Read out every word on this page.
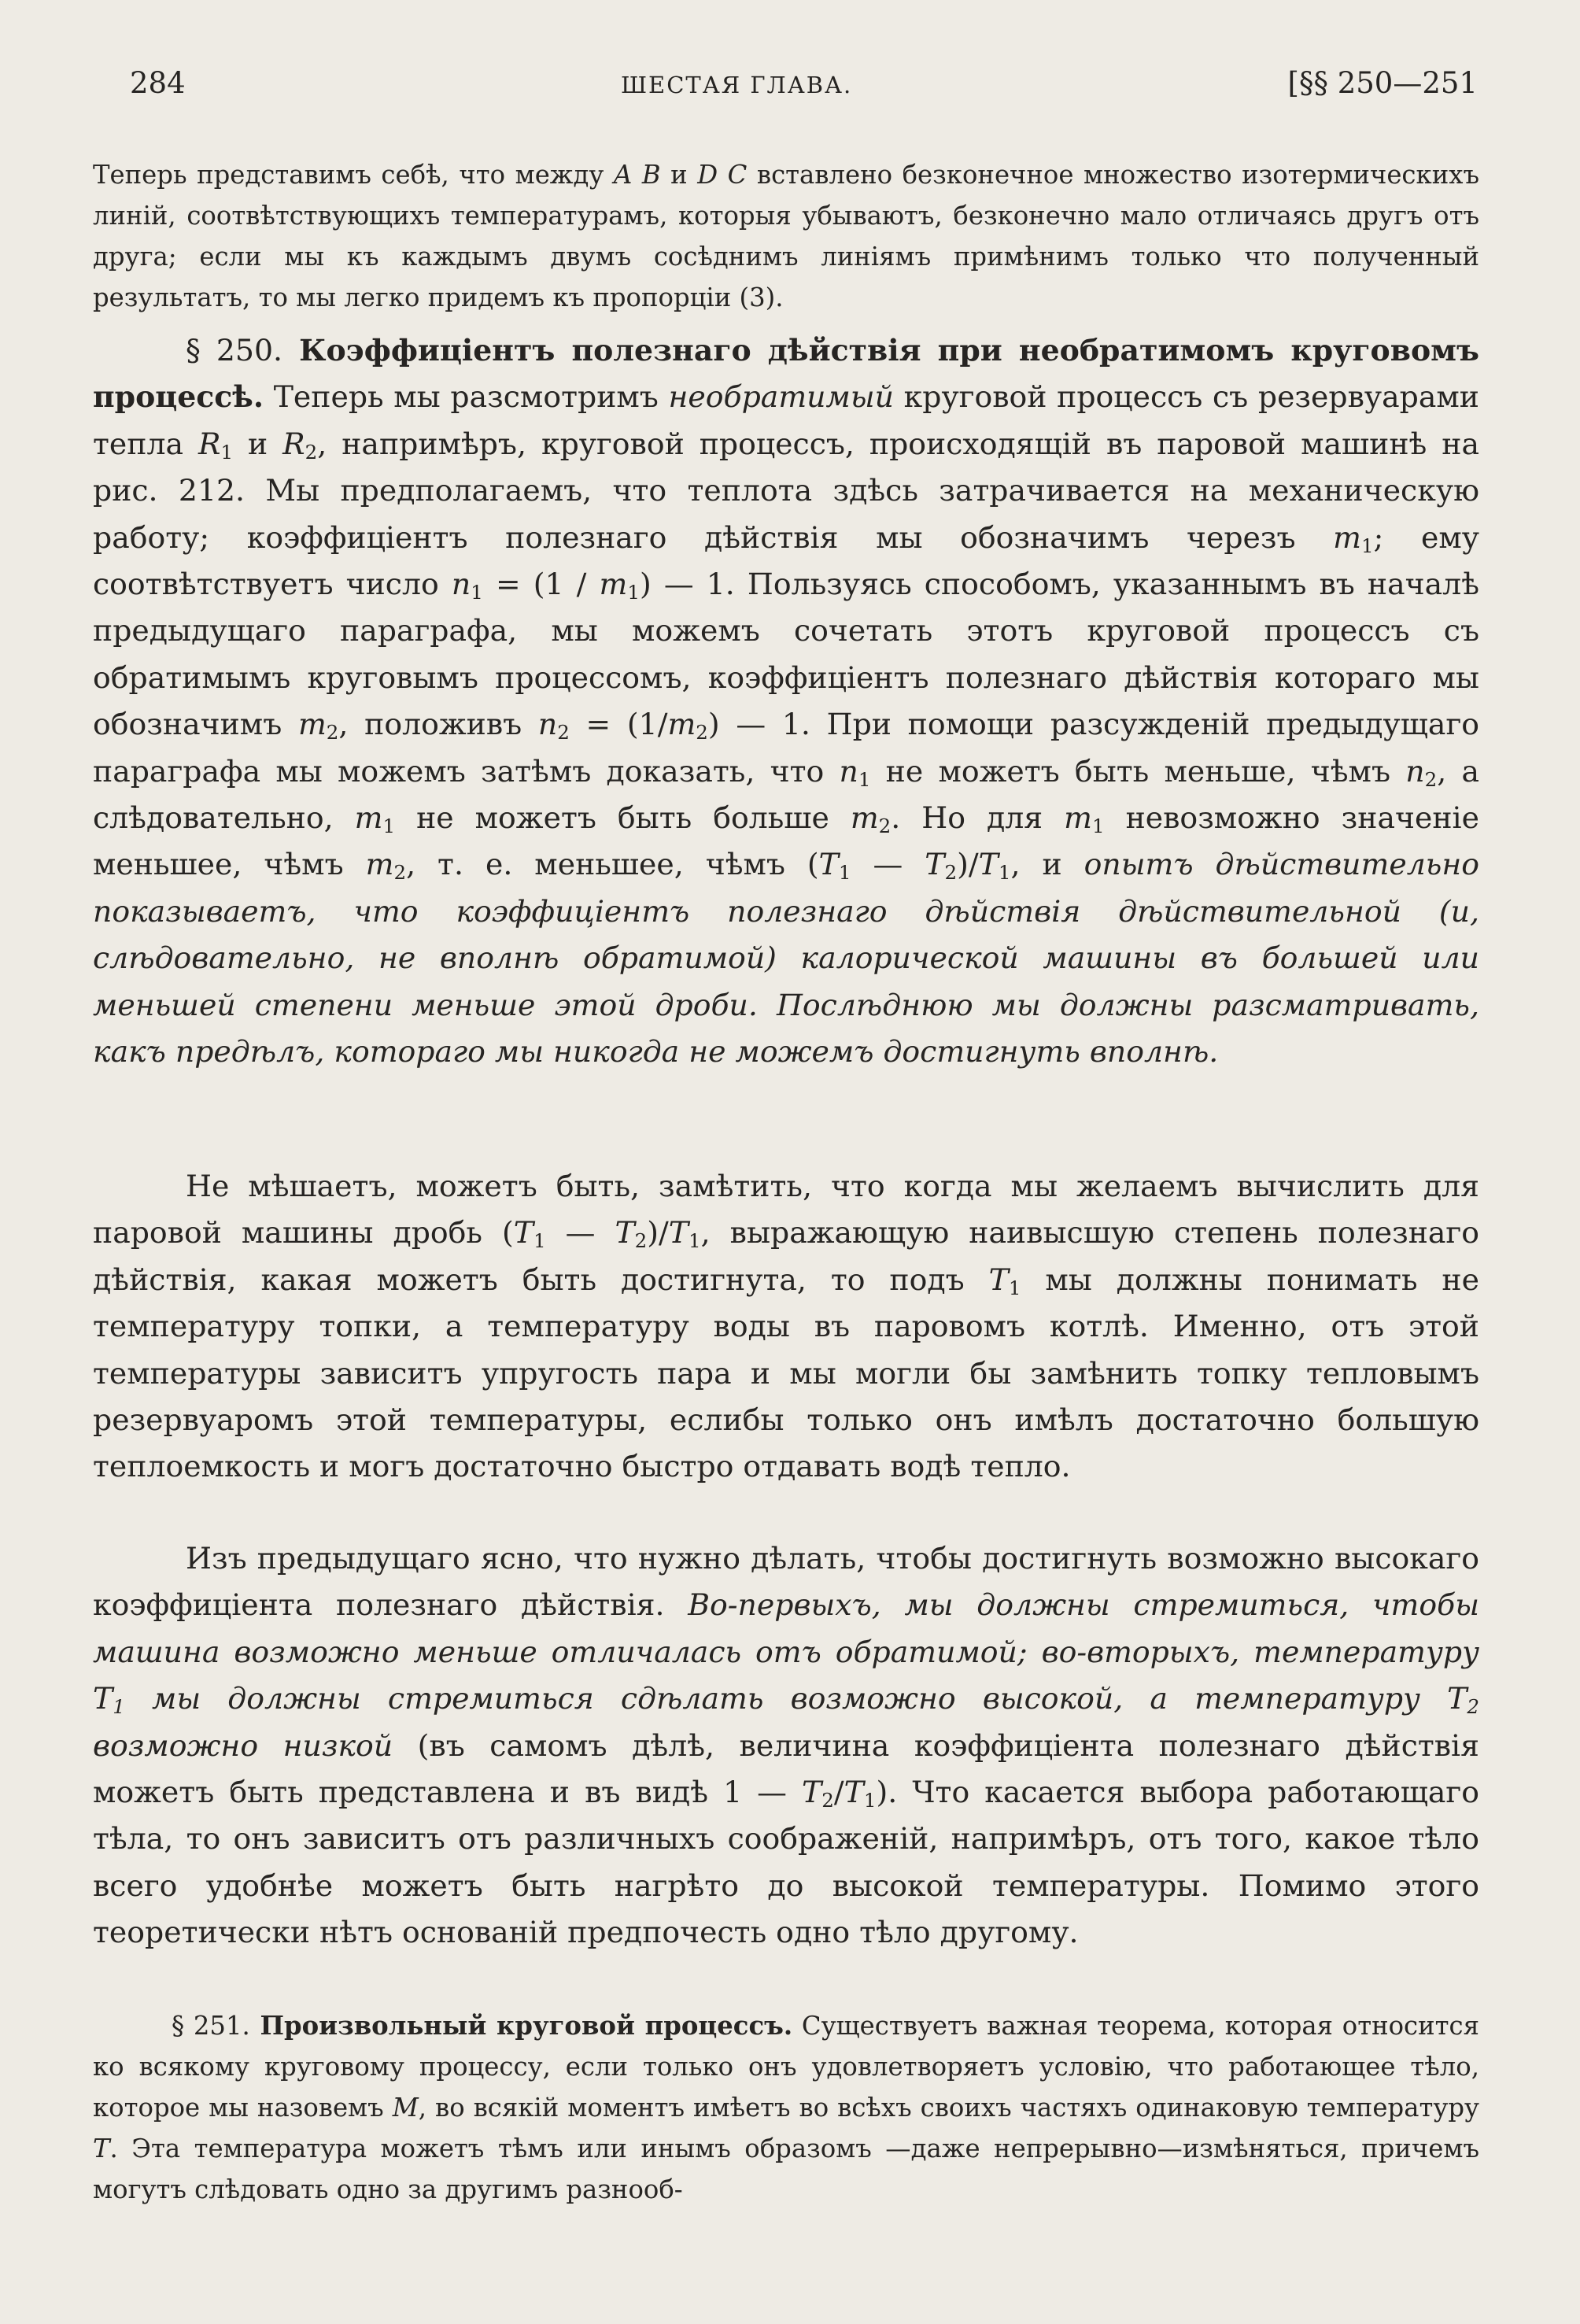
284	ШЕСТАЯ ГЛАВА.	[§§ 250—251

Теперь представимъ себѣ, что между A B и D C вставлено безконечное множество изотермическихъ линій, соотвѣтствующихъ температурамъ, которыя убываютъ, безконечно мало отличаясь другъ отъ друга; если мы къ каждымъ двумъ сосѣднимъ линіямъ примѣнимъ только что полученный результатъ, то мы легко придемъ къ пропорціи (3).

§ 250. Коэффиціентъ полезнаго дѣйствія при необратимомъ круговомъ процессѣ. Теперь мы разсмотримъ необратимый круговой процессъ съ резервуарами тепла $R_1$ и $R_2$, напримѣръ, круговой процессъ, происходящій въ паровой машинѣ на рис. 212. Мы предполагаемъ, что теплота здѣсь затрачивается на механическую работу; коэффиціентъ полезнаго дѣйствія мы обозначимъ черезъ $m_1$; ему соотвѣтствуетъ число $n_1 = (1 / m_1)$ — 1. Пользуясь способомъ, указаннымъ въ началѣ предыдущаго параграфа, мы можемъ сочетать этотъ круговой процессъ съ обратимымъ круговымъ процессомъ, коэффиціентъ полезнаго дѣйствія котораго мы обозначимъ $m_2$, положивъ $n_2 = (1/m_2)$ — 1. При помощи разсужденій предыдущаго параграфа мы можемъ затѣмъ доказать, что $n_1$ не можетъ быть меньше, чѣмъ $n_2$, а слѣдовательно, $m_1$ не можетъ быть больше $m_2$. Но для $m_1$ невозможно значеніе меньшее, чѣмъ $m_2$, т. е. меньшее, чѣмъ ($T_1$ — $T_2)/T_1$, и опытъ дѣйствительно показываетъ, что коэффиціентъ полезнаго дѣйствія дѣйствительной (и, слѣдовательно, не вполнѣ обратимой) калорической машины въ большей или меньшей степени меньше этой дроби. Послѣднюю мы должны разсматривать, какъ предѣлъ, котораго мы никогда не можемъ достигнуть вполнѣ.

Не мѣшаетъ, можетъ быть, замѣтить, что когда мы желаемъ вычислить для паровой машины дробь ($T_1$ — $T_2)/T_1$, выражающую наивысшую степень полезнаго дѣйствія, какая можетъ быть достигнута, то подъ $T_1$ мы должны понимать не температуру топки, а температуру воды въ паровомъ котлѣ. Именно, отъ этой температуры зависитъ упругость пара и мы могли бы замѣнить топку тепловымъ резервуаромъ этой температуры, еслибы только онъ имѣлъ достаточно большую теплоемкость и могъ достаточно быстро отдавать водѣ тепло.

Изъ предыдущаго ясно, что нужно дѣлать, чтобы достигнуть возможно высокаго коэффиціента полезнаго дѣйствія. Во-первыхъ, мы должны стремиться, чтобы машина возможно меньше отличалась отъ обратимой; во-вторыхъ, температуру $T_1$ мы должны стремиться сдѣлать возможно высокой, а температуру $T_2$ возможно низкой (въ самомъ дѣлѣ, величина коэффиціента полезнаго дѣйствія можетъ быть представлена и въ видѣ 1 — $T_2/T_1$). Что касается выбора работающаго тѣла, то онъ зависитъ отъ различныхъ соображеній, напримѣръ, отъ того, какое тѣло всего удобнѣе можетъ быть нагрѣто до высокой температуры. Помимо этого теоретически нѣтъ основаній предпочесть одно тѣло другому.

§ 251. Произвольный круговой процессъ. Существуетъ важная теорема, которая относится ко всякому круговому процессу, если только онъ удовлетворяетъ условію, что работающее тѣло, которое мы назовемъ M, во всякій моментъ имѣетъ во всѣхъ своихъ частяхъ одинаковую температуру T. Эта температура можетъ тѣмъ или инымъ образомъ —даже непрерывно—измѣняться, причемъ могутъ слѣдовать одно за другимъ разнооб-
